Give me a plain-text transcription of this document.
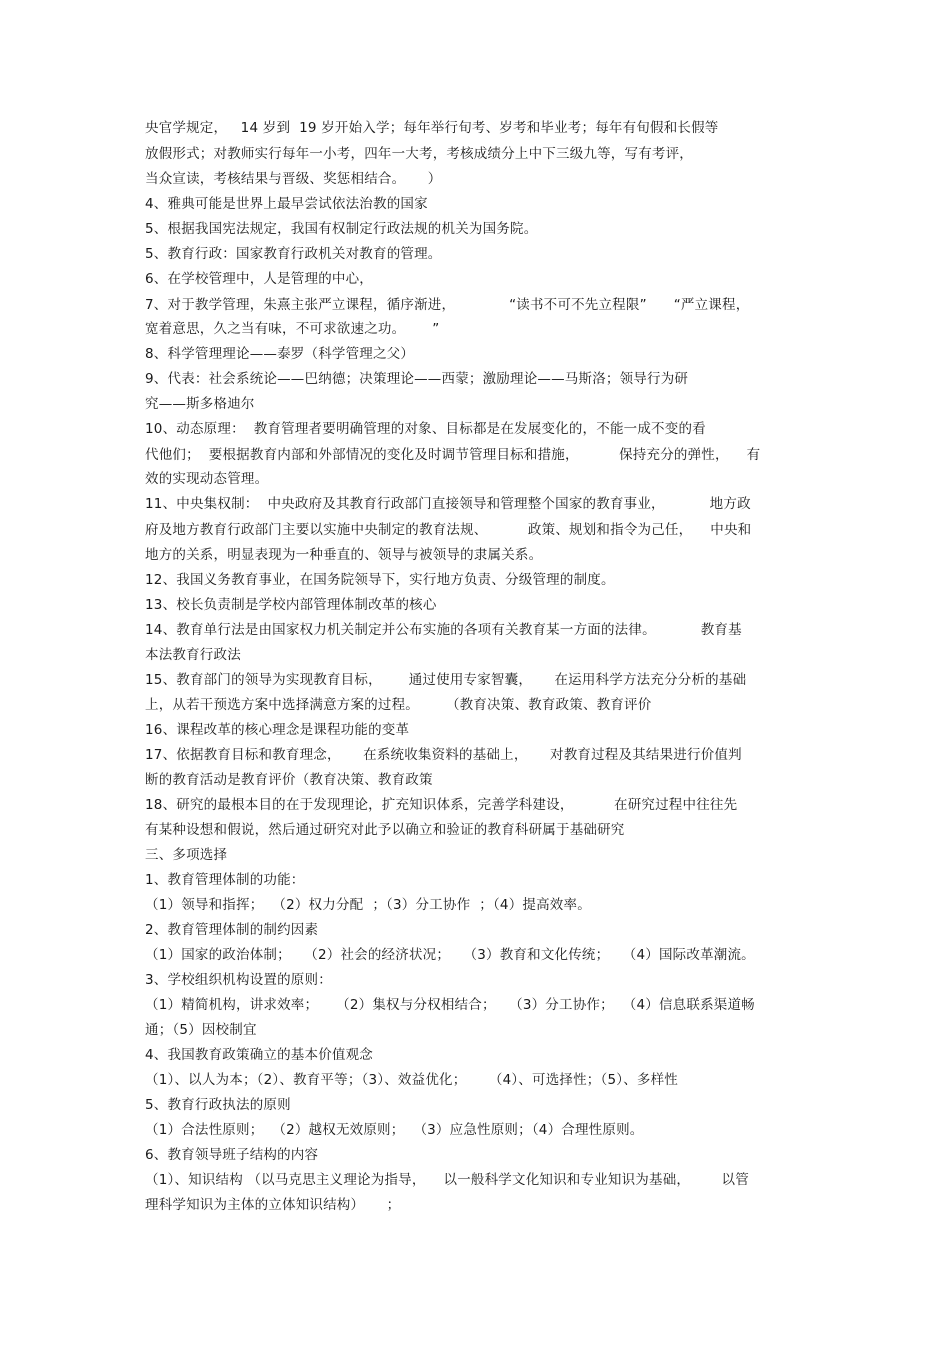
央官学规定，   14 岁到  19 岁开始入学；每年举行旬考、岁考和毕业考；每年有旬假和长假等
放假形式；对教师实行每年一小考，四年一大考，考核成绩分上中下三级九等，写有考评，
当众宣读，考核结果与晋级、奖惩相结合。     ）
4、雅典可能是世界上最早尝试依法治教的国家
5、根据我国宪法规定，我国有权制定行政法规的机关为国务院。
5、教育行政：国家教育行政机关对教育的管理。
6、在学校管理中，人是管理的中心，
7、对于教学管理，朱熹主张严立课程，循序渐进，            “读书不可不先立程限”      “严立课程，
宽着意思，久之当有味，不可求欲速之功。      ”
8、科学管理理论——泰罗（科学管理之父）
9、代表：社会系统论——巴纳德；决策理论——西蒙；激励理论——马斯洛；领导行为研
究——斯多格迪尔
10、动态原理：  教育管理者要明确管理的对象、目标都是在发展变化的，不能一成不变的看
代他们；  要根据教育内部和外部情况的变化及时调节管理目标和措施，         保持充分的弹性，    有
效的实现动态管理。
11、中央集权制：  中央政府及其教育行政部门直接领导和管理整个国家的教育事业，          地方政
府及地方教育行政部门主要以实施中央制定的教育法规、         政策、规划和指令为己任，    中央和
地方的关系，明显表现为一种垂直的、领导与被领导的隶属关系。
12、我国义务教育事业，在国务院领导下，实行地方负责、分级管理的制度。
13、校长负责制是学校内部管理体制改革的核心
14、教育单行法是由国家权力机关制定并公布实施的各项有关教育某一方面的法律。          教育基
本法教育行政法
15、教育部门的领导为实现教育目标，      通过使用专家智囊，     在运用科学方法充分分析的基础
上，从若干预选方案中选择满意方案的过程。      （教育决策、教育政策、教育评价
16、课程改革的核心理念是课程功能的变革
17、依据教育目标和教育理念，     在系统收集资料的基础上，     对教育过程及其结果进行价值判
断的教育活动是教育评价（教育决策、教育政策
18、研究的最根本目的在于发现理论，扩充知识体系，完善学科建设，         在研究过程中往往先
有某种设想和假说，然后通过研究对此予以确立和验证的教育科研属于基础研究
三、多项选择
1、教育管理体制的功能：
（1）领导和指挥；  （2）权力分配  ；（3）分工协作  ；（4）提高效率。
2、教育管理体制的制约因素
（1）国家的政治体制；   （2）社会的经济状况；   （3）教育和文化传统；   （4）国际改革潮流。
3、学校组织机构设置的原则：
（1）精简机构，讲求效率；    （2）集权与分权相结合；   （3）分工协作；  （4）信息联系渠道畅
通；（5）因校制宜
4、我国教育政策确立的基本价值观念
（1）、以人为本；（2）、教育平等；（3）、效益优化；     （4）、可选择性；（5）、多样性
5、教育行政执法的原则
（1）合法性原则；  （2）越权无效原则；  （3）应急性原则；（4）合理性原则。
6、教育领导班子结构的内容
（1）、知识结构 （以马克思主义理论为指导，    以一般科学文化知识和专业知识为基础，       以管
理科学知识为主体的立体知识结构）     ；
